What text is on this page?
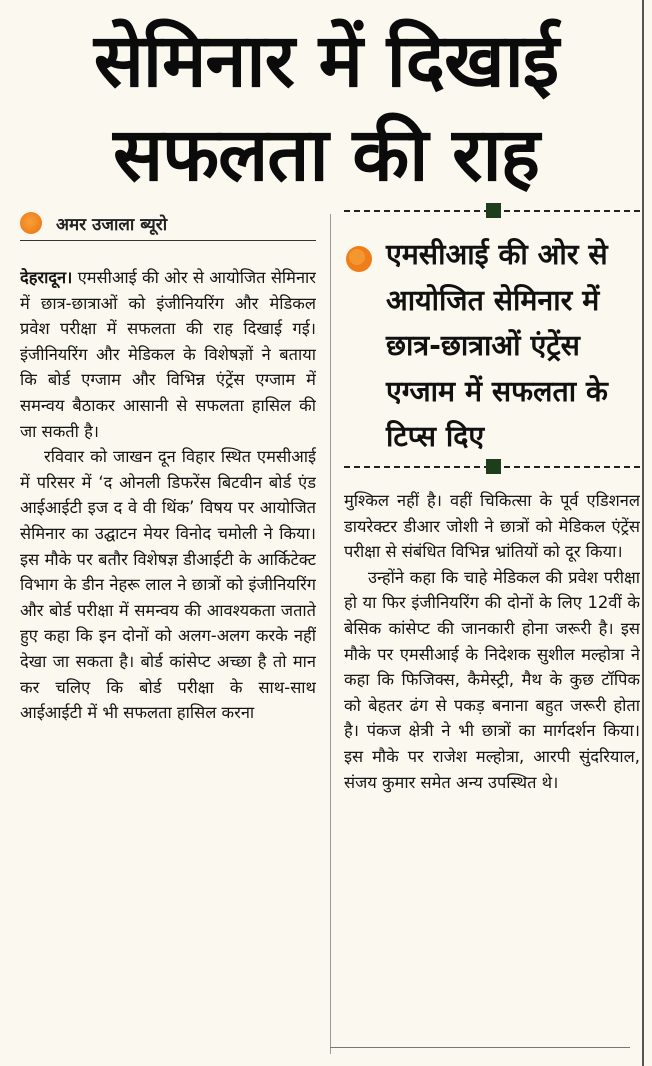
सेमिनार में दिखाई
सफलता की राह
अमर उजाला ब्यूरो

देहरादून। एमसीआई की ओर से आयोजित सेमिनार में छात्र-छात्राओं को इंजीनियरिंग और मेडिकल प्रवेश परीक्षा में सफलता की राह दिखाई गई। इंजीनियरिंग और मेडिकल के विशेषज्ञों ने बताया कि बोर्ड एग्जाम और विभिन्न एंट्रेंस एग्जाम में समन्वय बैठाकर आसानी से सफलता हासिल की जा सकती है।

रविवार को जाखन दून विहार स्थित एमसीआई में परिसर में ‘द ओनली डिफरेंस बिटवीन बोर्ड एंड आईआईटी इज द वे वी थिंक’ विषय पर आयोजित सेमिनार का उद्घाटन मेयर विनोद चमोली ने किया। इस मौके पर बतौर विशेषज्ञ डीआईटी के आर्किटेक्ट विभाग के डीन नेहरू लाल ने छात्रों को इंजीनियरिंग और बोर्ड परीक्षा में समन्वय की आवश्यकता जताते हुए कहा कि इन दोनों को अलग-अलग करके नहीं देखा जा सकता है। बोर्ड कांसेप्ट अच्छा है तो मान कर चलिए कि बोर्ड परीक्षा के साथ-साथ आईआईटी में भी सफलता हासिल करना

एमसीआई की ओर से आयोजित सेमिनार में छात्र-छात्राओं एंट्रेंस एग्जाम में सफलता के टिप्स दिए

मुश्किल नहीं है। वहीं चिकित्सा के पूर्व एडिशनल डायरेक्टर डीआर जोशी ने छात्रों को मेडिकल एंट्रेंस परीक्षा से संबंधित विभिन्न भ्रांतियों को दूर किया।

उन्होंने कहा कि चाहे मेडिकल की प्रवेश परीक्षा हो या फिर इंजीनियरिंग की दोनों के लिए 12वीं के बेसिक कांसेप्ट की जानकारी होना जरूरी है। इस मौके पर एमसीआई के निदेशक सुशील मल्होत्रा ने कहा कि फिजिक्स, कैमेस्ट्री, मैथ के कुछ टॉपिक को बेहतर ढंग से पकड़ बनाना बहुत जरूरी होता है। पंकज क्षेत्री ने भी छात्रों का मार्गदर्शन किया। इस मौके पर राजेश मल्होत्रा, आरपी सुंदरियाल, संजय कुमार समेत अन्य उपस्थित थे।
